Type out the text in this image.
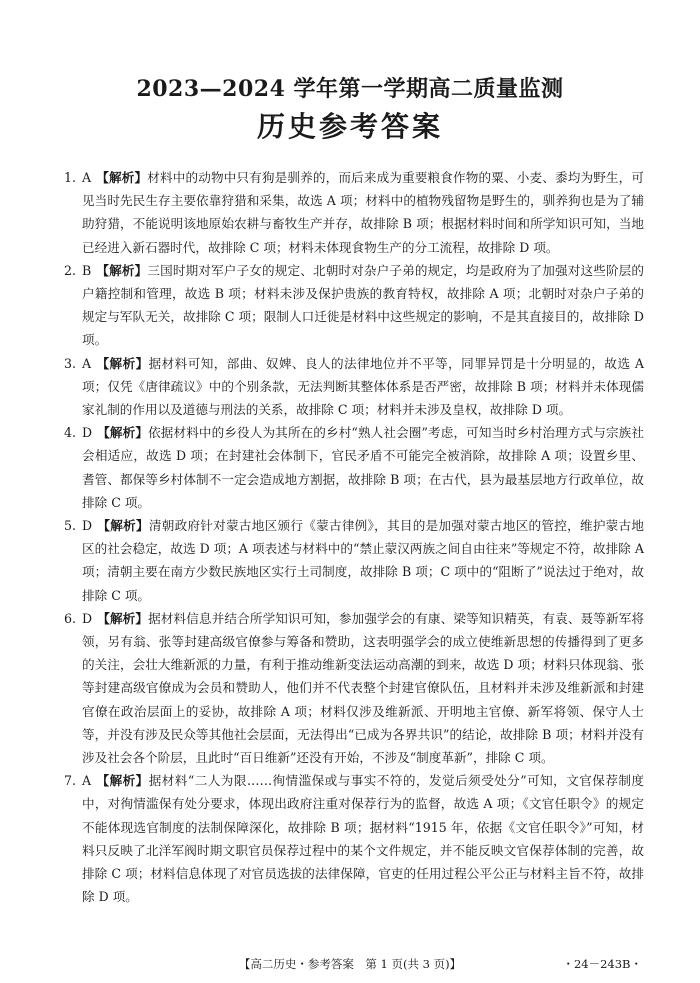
2023—2024 学年第一学期高二质量监测
历史参考答案

1. A 【解析】材料中的动物中只有狗是驯养的，而后来成为重要粮食作物的粟、小麦、黍均为野生，可见当时先民生存主要依靠狩猎和采集，故选 A 项；材料中的植物残留物是野生的，驯养狗也是为了辅助狩猎，不能说明该地原始农耕与畜牧生产并存，故排除 B 项；根据材料时间和所学知识可知，当地已经进入新石器时代，故排除 C 项；材料未体现食物生产的分工流程，故排除 D 项。

2. B 【解析】三国时期对军户子女的规定、北朝时对杂户子弟的规定，均是政府为了加强对这些阶层的户籍控制和管理，故选 B 项；材料未涉及保护贵族的教育特权，故排除 A 项；北朝时对杂户子弟的规定与军队无关，故排除 C 项；限制人口迁徙是材料中这些规定的影响，不是其直接目的，故排除 D 项。

3. A 【解析】据材料可知，部曲、奴婢、良人的法律地位并不平等，同罪异罚是十分明显的，故选 A 项；仅凭《唐律疏议》中的个别条款，无法判断其整体体系是否严密，故排除 B 项；材料并未体现儒家礼制的作用以及道德与刑法的关系，故排除 C 项；材料并未涉及皇权，故排除 D 项。

4. D 【解析】依据材料中的乡役人为其所在的乡村“熟人社会圈”考虑，可知当时乡村治理方式与宗族社会相适应，故选 D 项；在封建社会体制下，官民矛盾不可能完全被消除，故排除 A 项；设置乡里、耆管、都保等乡村体制不一定会造成地方割据，故排除 B 项；在古代，县为最基层地方行政单位，故排除 C 项。

5. D 【解析】清朝政府针对蒙古地区颁行《蒙古律例》，其目的是加强对蒙古地区的管控，维护蒙古地区的社会稳定，故选 D 项；A 项表述与材料中的“禁止蒙汉两族之间自由往来”等规定不符，故排除 A 项；清朝主要在南方少数民族地区实行土司制度，故排除 B 项；C 项中的“阻断了”说法过于绝对，故排除 C 项。

6. D 【解析】据材料信息并结合所学知识可知，参加强学会的有康、梁等知识精英，有袁、聂等新军将领，另有翁、张等封建高级官僚参与筹备和赞助，这表明强学会的成立使维新思想的传播得到了更多的关注，会壮大维新派的力量，有利于推动维新变法运动高潮的到来，故选 D 项；材料只体现翁、张等封建高级官僚成为会员和赞助人，他们并不代表整个封建官僚队伍，且材料并未涉及维新派和封建官僚在政治层面上的妥协，故排除 A 项；材料仅涉及维新派、开明地主官僚、新军将领、保守人士等，并没有涉及民众等其他社会层面，无法得出“已成为各界共识”的结论，故排除 B 项；材料并没有涉及社会各个阶层，且此时“百日维新”还没有开始，不涉及“制度革新”，排除 C 项。

7. A 【解析】据材料“二人为限……徇情滥保或与事实不符的，发觉后须受处分”可知，文官保荐制度中，对徇情滥保有处分要求，体现出政府注重对保荐行为的监督，故选 A 项；《文官任职令》的规定不能体现选官制度的法制保障深化，故排除 B 项；据材料“1915 年，依据《文官任职令》”可知，材料只反映了北洋军阀时期文职官员保荐过程中的某个文件规定，并不能反映文官保荐体制的完善，故排除 C 项；材料信息体现了对官员选拔的法律保障，官吏的任用过程公平公正与材料主旨不符，故排除 D 项。

【高二历史・参考答案　第 1 页(共 3 页)】	・24－243B・
